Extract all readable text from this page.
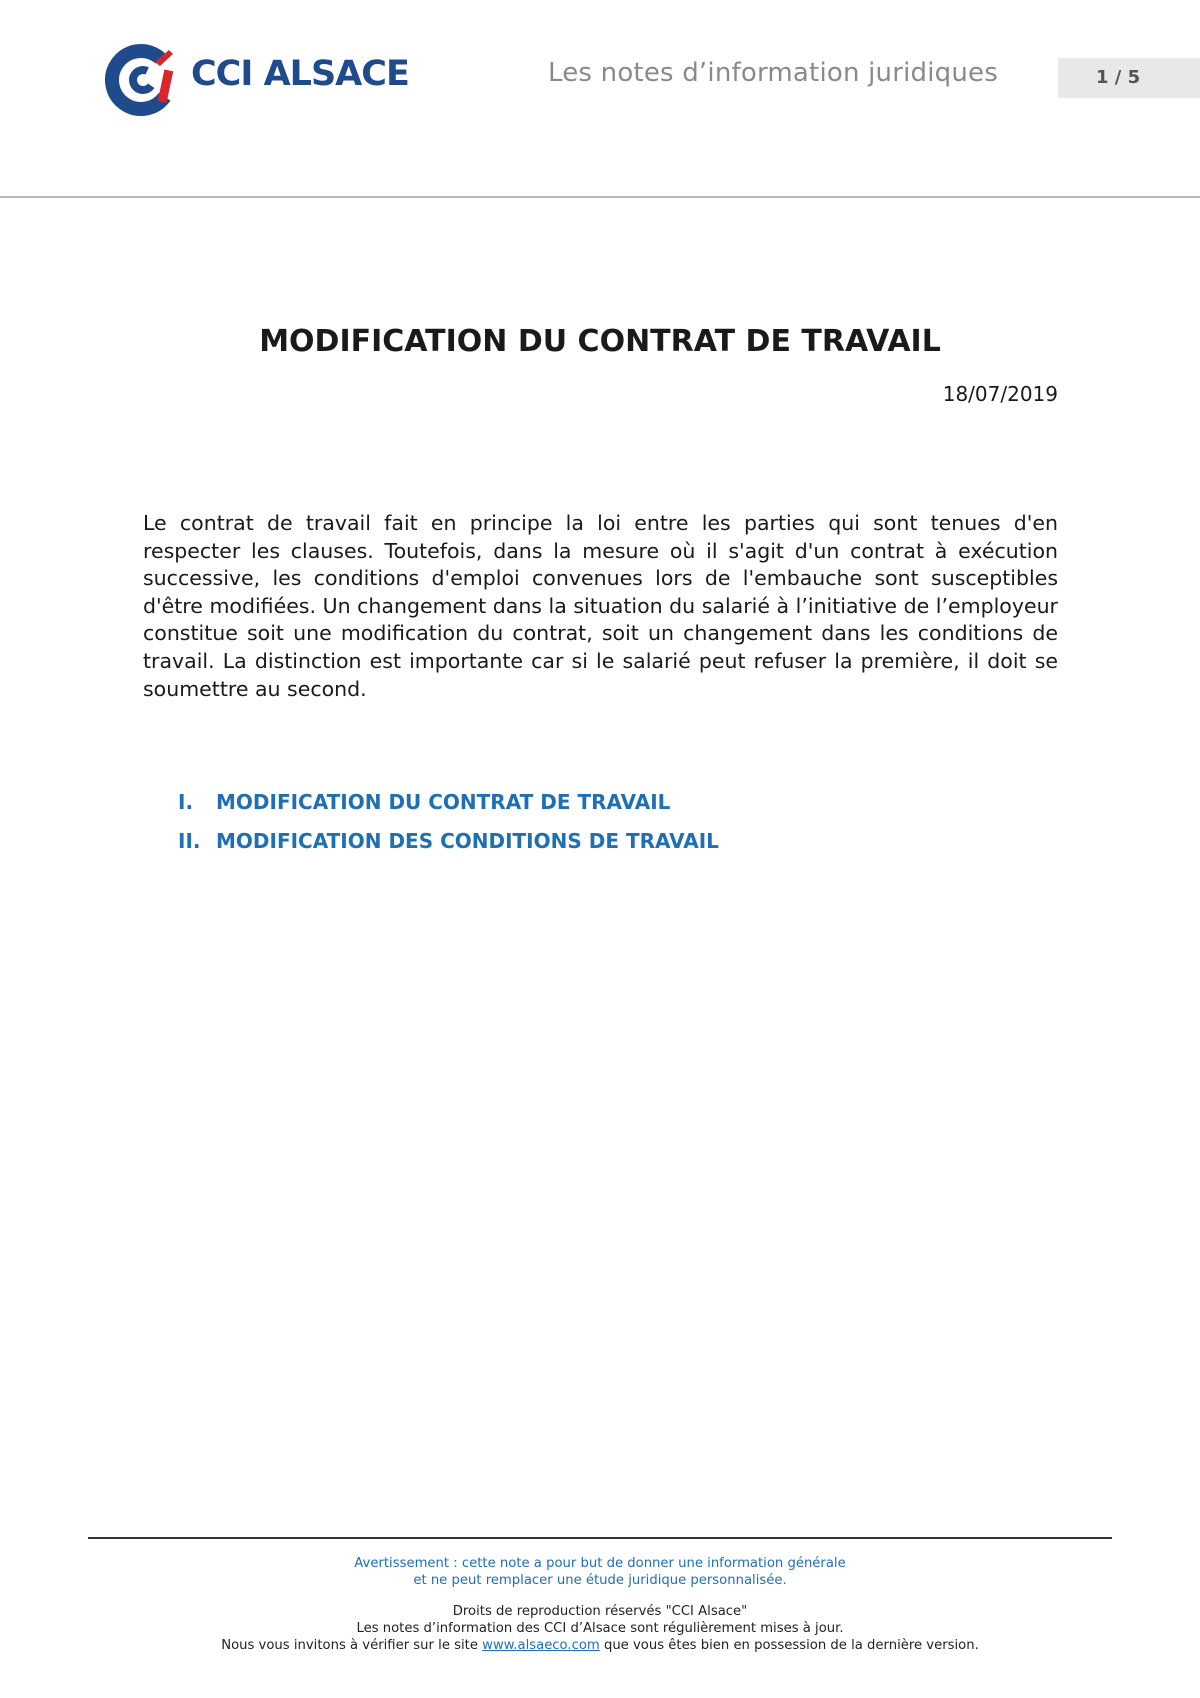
CCI ALSACE	Les notes d’information juridiques	1 / 5
MODIFICATION DU CONTRAT DE TRAVAIL
18/07/2019

Le contrat de travail fait en principe la loi entre les parties qui sont tenues d'en respecter les clauses. Toutefois, dans la mesure où il s'agit d'un contrat à exécution successive, les conditions d'emploi convenues lors de l'embauche sont susceptibles d'être modifiées. Un changement dans la situation du salarié à l’initiative de l’employeur constitue soit une modification du contrat, soit un changement dans les conditions de travail. La distinction est importante car si le salarié peut refuser la première, il doit se soumettre au second.

I. MODIFICATION DU CONTRAT DE TRAVAIL
II. MODIFICATION DES CONDITIONS DE TRAVAIL
Avertissement : cette note a pour but de donner une information générale
et ne peut remplacer une étude juridique personnalisée.
Droits de reproduction réservés "CCI Alsace"
Les notes d’information des CCI d’Alsace sont régulièrement mises à jour.
Nous vous invitons à vérifier sur le site www.alsaeco.com que vous êtes bien en possession de la dernière version.
